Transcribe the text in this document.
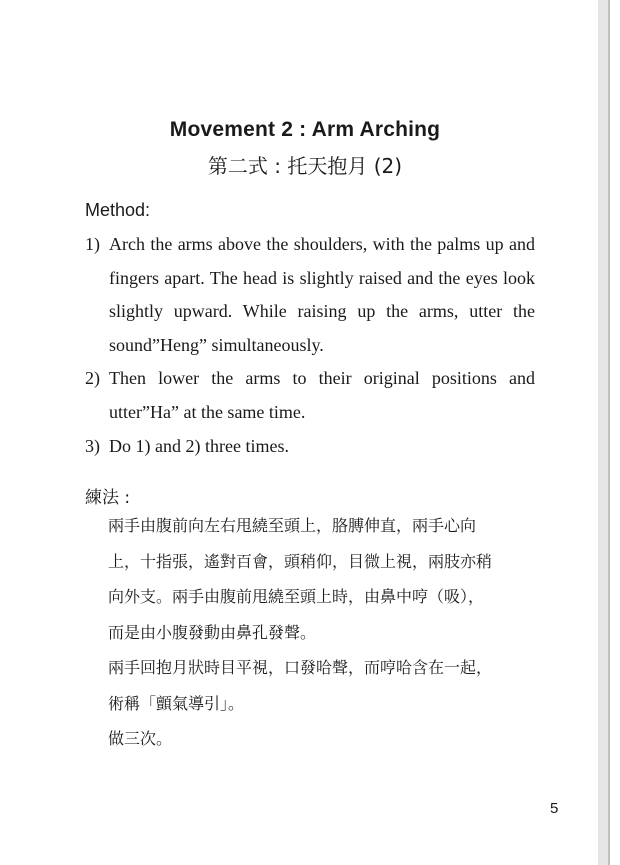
Movement 2 : Arm Arching
第二式 : 托天抱月 (2)
Method:
1) Arch the arms above the shoulders, with the palms up and fingers apart. The head is slightly raised and the eyes look slightly upward. While raising up the arms, utter the sound”Heng” simultaneously.
2) Then lower the arms to their original positions and utter”Ha” at the same time.
3) Do 1) and 2) three times.
練法 :
兩手由腹前向左右甩繞至頭上，胳膊伸直，兩手心向
上，十指張，遙對百會，頭稍仰，目微上視，兩肢亦稍
向外支。兩手由腹前甩繞至頭上時，由鼻中哼（吸），
而是由小腹發動由鼻孔發聲。
兩手回抱月狀時目平視，口發哈聲，而哼哈含在一起，
術稱「顫氣導引」。
做三次。
5
